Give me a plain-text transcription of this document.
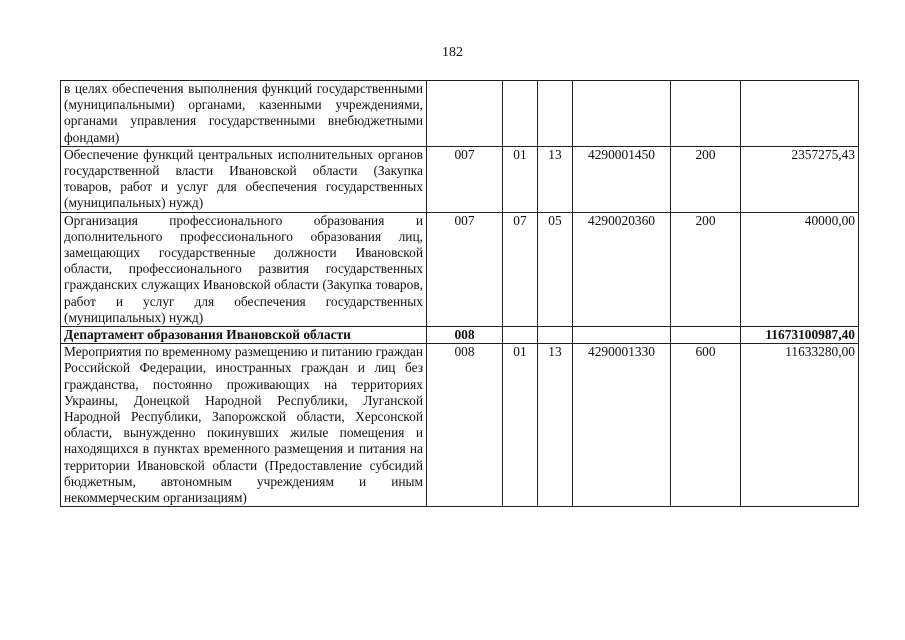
182
в целях обеспечения выполнения функций государственными (муниципальными) органами, казенными учреждениями, органами управления государственными внебюджетными фондами)						
Обеспечение функций центральных исполнительных органов государственной власти Ивановской области (Закупка товаров, работ и услуг для обеспечения государственных (муниципальных) нужд)	007	01	13	4290001450	200	2357275,43
Организация профессионального образования и дополнительного профессионального образования лиц, замещающих государственные должности Ивановской области, профессионального развития государственных гражданских служащих Ивановской области (Закупка товаров, работ и услуг для обеспечения государственных (муниципальных) нужд)	007	07	05	4290020360	200	40000,00
Департамент образования Ивановской области	008					11673100987,40
Мероприятия по временному размещению и питанию граждан Российской Федерации, иностранных граждан и лиц без гражданства, постоянно проживающих на территориях Украины, Донецкой Народной Республики, Луганской Народной Республики, Запорожской области, Херсонской области, вынужденно покинувших жилые помещения и находящихся в пунктах временного размещения и питания на территории Ивановской области (Предоставление субсидий бюджетным, автономным учреждениям и иным некоммерческим организациям)	008	01	13	4290001330	600	11633280,00
